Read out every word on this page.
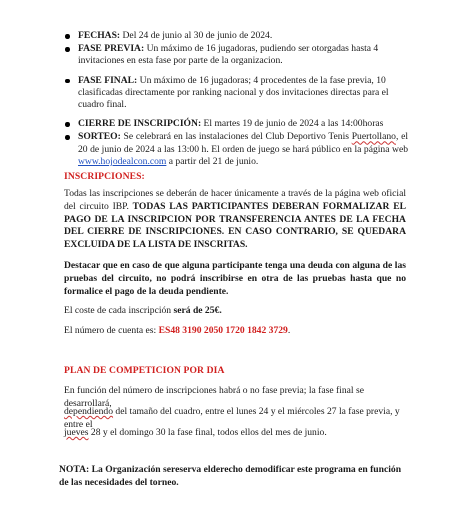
FECHAS: Del 24 de junio al 30 de junio de 2024.
FASE PREVIA: Un máximo de 16 jugadoras, pudiendo ser otorgadas hasta 4 invitaciones en esta fase por parte de la organizacion.
FASE FINAL: Un máximo de 16 jugadoras; 4 procedentes de la fase previa, 10 clasificadas directamente por ranking nacional y dos invitaciones directas para el cuadro final.
CIERRE DE INSCRIPCIÓN: El martes 19 de junio de 2024 a las 14:00horas
SORTEO: Se celebrará en las instalaciones del Club Deportivo Tenis Puertollano, el 20 de junio de 2024 a las 13:00 h. El orden de juego se hará público en la página web www.hojodealcon.com a partir del 21 de junio.
INSCRIPCIONES:
Todas las inscripciones se deberán de hacer únicamente a través de la página web oficial del circuito IBP. TODAS LAS PARTICIPANTES DEBERAN FORMALIZAR EL PAGO DE LA INSCRIPCION POR TRANSFERENCIA ANTES DE LA FECHA DEL CIERRE DE INSCRIPCIONES. EN CASO CONTRARIO, SE QUEDARA EXCLUIDA DE LA LISTA DE INSCRITAS.
Destacar que en caso de que alguna participante tenga una deuda con alguna de las pruebas del circuito, no podrá inscribirse en otra de las pruebas hasta que no formalice el pago de la deuda pendiente.
El coste de cada inscripción será de 25€.
El número de cuenta es: ES48 3190 2050 1720 1842 3729.
PLAN DE COMPETICION POR DIA
En función del número de inscripciones habrá o no fase previa; la fase final se desarrollará,
dependiendo del tamaño del cuadro, entre el lunes 24 y el miércoles 27 la fase previa, y entre el
jueves 28 y el domingo 30 la fase final, todos ellos del mes de junio.
NOTA: La Organización sereserva elderecho demodificar este programa en función de las necesidades del torneo.
